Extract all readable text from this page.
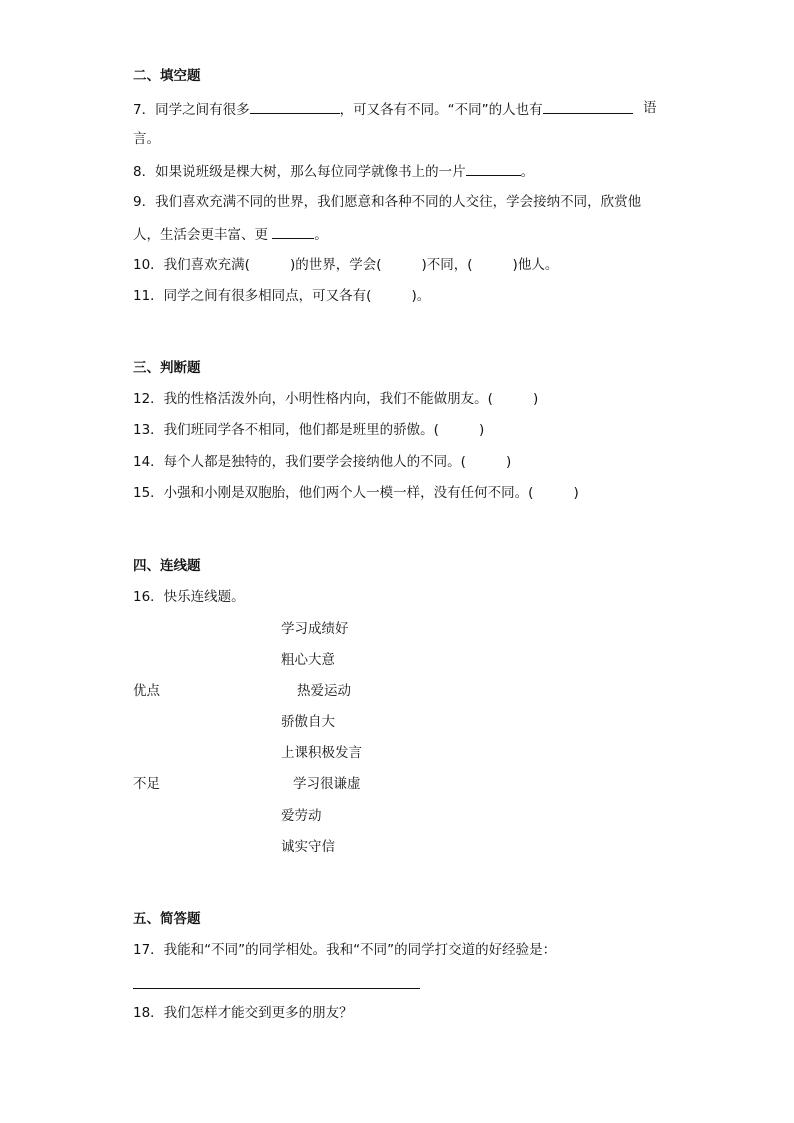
二、填空题
7．同学之间有很多	，可又各有不同。“不同”的人也有	语
言。
8．如果说班级是棵大树，那么每位同学就像书上的一片	。
9．我们喜欢充满不同的世界，我们愿意和各种不同的人交往，学会接纳不同，欣赏他
人，生活会更丰富、更	。
10．我们喜欢充满(	)的世界，学会(	)不同，(	)他人。
11．同学之间有很多相同点，可又各有(	)。
三、判断题
12．我的性格活泼外向，小明性格内向，我们不能做朋友。(	)
13．我们班同学各不相同，他们都是班里的骄傲。(	)
14．每个人都是独特的，我们要学会接纳他人的不同。(	)
15．小强和小刚是双胞胎，他们两个人一模一样，没有任何不同。(	)
四、连线题
16．快乐连线题。
学习成绩好
粗心大意
优点	热爱运动
骄傲自大
上课积极发言
不足	学习很谦虚
爱劳动
诚实守信
五、简答题
17．我能和“不同”的同学相处。我和“不同”的同学打交道的好经验是：
18．我们怎样才能交到更多的朋友？
